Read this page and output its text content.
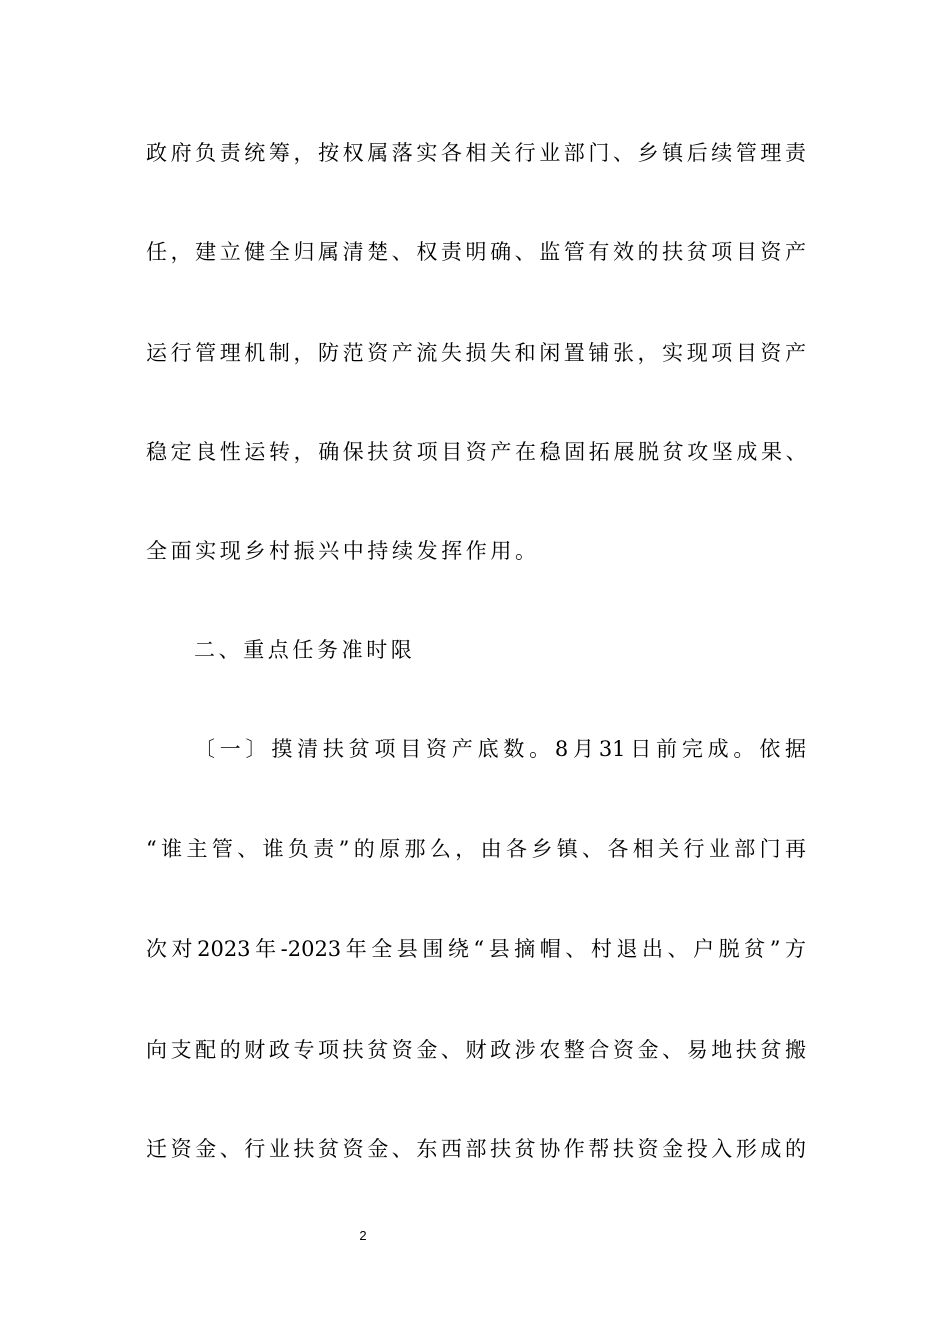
政府负责统筹，按权属落实各相关行业部门、乡镇后续管理责
任，建立健全归属清楚、权责明确、监管有效的扶贫项目资产
运行管理机制，防范资产流失损失和闲置铺张，实现项目资产
稳定良性运转，确保扶贫项目资产在稳固拓展脱贫攻坚成果、
全面实现乡村振兴中持续发挥作用。
二、重点任务准时限
〔一〕摸清扶贫项目资产底数。8月31日前完成。依据
“谁主管、谁负责”的原那么，由各乡镇、各相关行业部门再
次对2023年-2023年全县围绕“县摘帽、村退出、户脱贫”方
向支配的财政专项扶贫资金、财政涉农整合资金、易地扶贫搬
迁资金、行业扶贫资金、东西部扶贫协作帮扶资金投入形成的
2
